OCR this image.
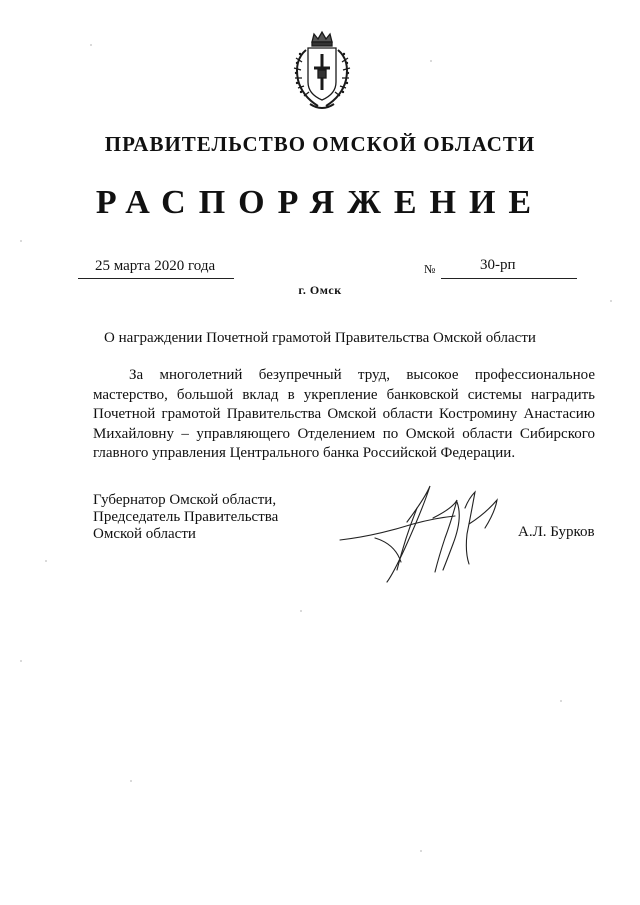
ПРАВИТЕЛЬСТВО ОМСКОЙ ОБЛАСТИ
РАСПОРЯЖЕНИЕ
25 марта 2020 года	№	30-рп
г. Омск
О награждении Почетной грамотой Правительства Омской области
За многолетний безупречный труд, высокое профессиональное мастерство, большой вклад в укрепление банковской системы наградить Почетной грамотой Правительства Омской области Костромину Анастасию Михайловну – управляющего Отделением по Омской области Сибирского главного управления Центрального банка Российской Федерации.
Губернатор Омской области,
Председатель Правительства
Омской области	А.Л. Бурков
